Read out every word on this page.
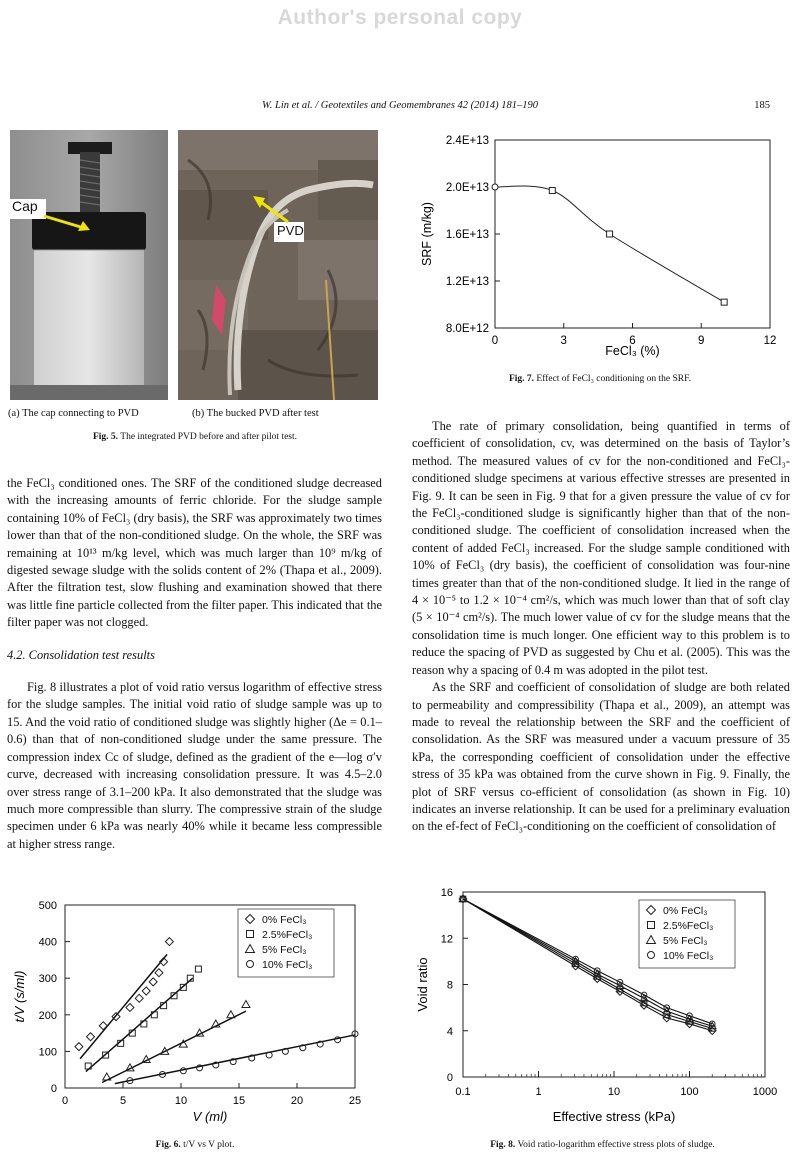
Author's personal copy
W. Lin et al. / Geotextiles and Geomembranes 42 (2014) 181–190	185
Cap
PVD
(a) The cap connecting to PVD	(b) The bucked PVD after test
Fig. 5. The integrated PVD before and after pilot test.
0	3	6	9	12
8.0E+12
1.2E+13
1.6E+13
2.0E+13
2.4E+13
FeCl₃ (%)
SRF (m/kg)
Fig. 7. Effect of FeCl₃ conditioning on the SRF.

the FeCl₃ conditioned ones. The SRF of the conditioned sludge decreased with the increasing amounts of ferric chloride. For the sludge sample containing 10% of FeCl₃ (dry basis), the SRF was approximately two times lower than that of the non-conditioned sludge. On the whole, the SRF was remaining at 10¹³ m/kg level, which was much larger than 10⁹ m/kg of digested sewage sludge with the solids content of 2% (Thapa et al., 2009). After the filtration test, slow flushing and examination showed that there was little fine particle collected from the filter paper. This indicated that the filter paper was not clogged.

4.2. Consolidation test results

Fig. 8 illustrates a plot of void ratio versus logarithm of effective stress for the sludge samples. The initial void ratio of sludge sample was up to 15. And the void ratio of conditioned sludge was slightly higher (Δe = 0.1–0.6) than that of non-conditioned sludge under the same pressure. The compression index Cc of sludge, defined as the gradient of the e—log σ′v curve, decreased with increasing consolidation pressure. It was 4.5–2.0 over stress range of 3.1–200 kPa. It also demonstrated that the sludge was much more compressible than slurry. The compressive strain of the sludge specimen under 6 kPa was nearly 40% while it became less compressible at higher stress range.

The rate of primary consolidation, being quantified in terms of coefficient of consolidation, cv, was determined on the basis of Taylor’s method. The measured values of cv for the non-conditioned and FeCl₃-conditioned sludge specimens at various effective stresses are presented in Fig. 9. It can be seen in Fig. 9 that for a given pressure the value of cv for the FeCl₃-conditioned sludge is significantly higher than that of the non-conditioned sludge. The coefficient of consolidation increased when the content of added FeCl₃ increased. For the sludge sample conditioned with 10% of FeCl₃ (dry basis), the coefficient of consolidation was four-nine times greater than that of the non-conditioned sludge. It lied in the range of 4 × 10⁻⁵ to 1.2 × 10⁻⁴ cm²/s, which was much lower than that of soft clay (5 × 10⁻⁴ cm²/s). The much lower value of cv for the sludge means that the consolidation time is much longer. One efficient way to this problem is to reduce the spacing of PVD as suggested by Chu et al. (2005). This was the reason why a spacing of 0.4 m was adopted in the pilot test.

As the SRF and coefficient of consolidation of sludge are both related to permeability and compressibility (Thapa et al., 2009), an attempt was made to reveal the relationship between the SRF and the coefficient of consolidation. As the SRF was measured under a vacuum pressure of 35 kPa, the corresponding coefficient of consolidation under the effective stress of 35 kPa was obtained from the curve shown in Fig. 9. Finally, the plot of SRF versus co-efficient of consolidation (as shown in Fig. 10) indicates an inverse relationship. It can be used for a preliminary evaluation on the ef-fect of FeCl₃-conditioning on the coefficient of consolidation of

0	5	10	15	20	25
0
100
200
300
400
500
V (ml)
t/V (s/ml)
0% FeCl₃
2.5%FeCl₃
5% FeCl₃
10% FeCl₃
Fig. 6. t/V vs V plot.
0.1	1	10	100	1000
0
4
8
12
16
Effective stress (kPa)
Void ratio
0% FeCl₃
2.5%FeCl₃
5% FeCl₃
10% FeCl₃
Fig. 8. Void ratio-logarithm effective stress plots of sludge.
